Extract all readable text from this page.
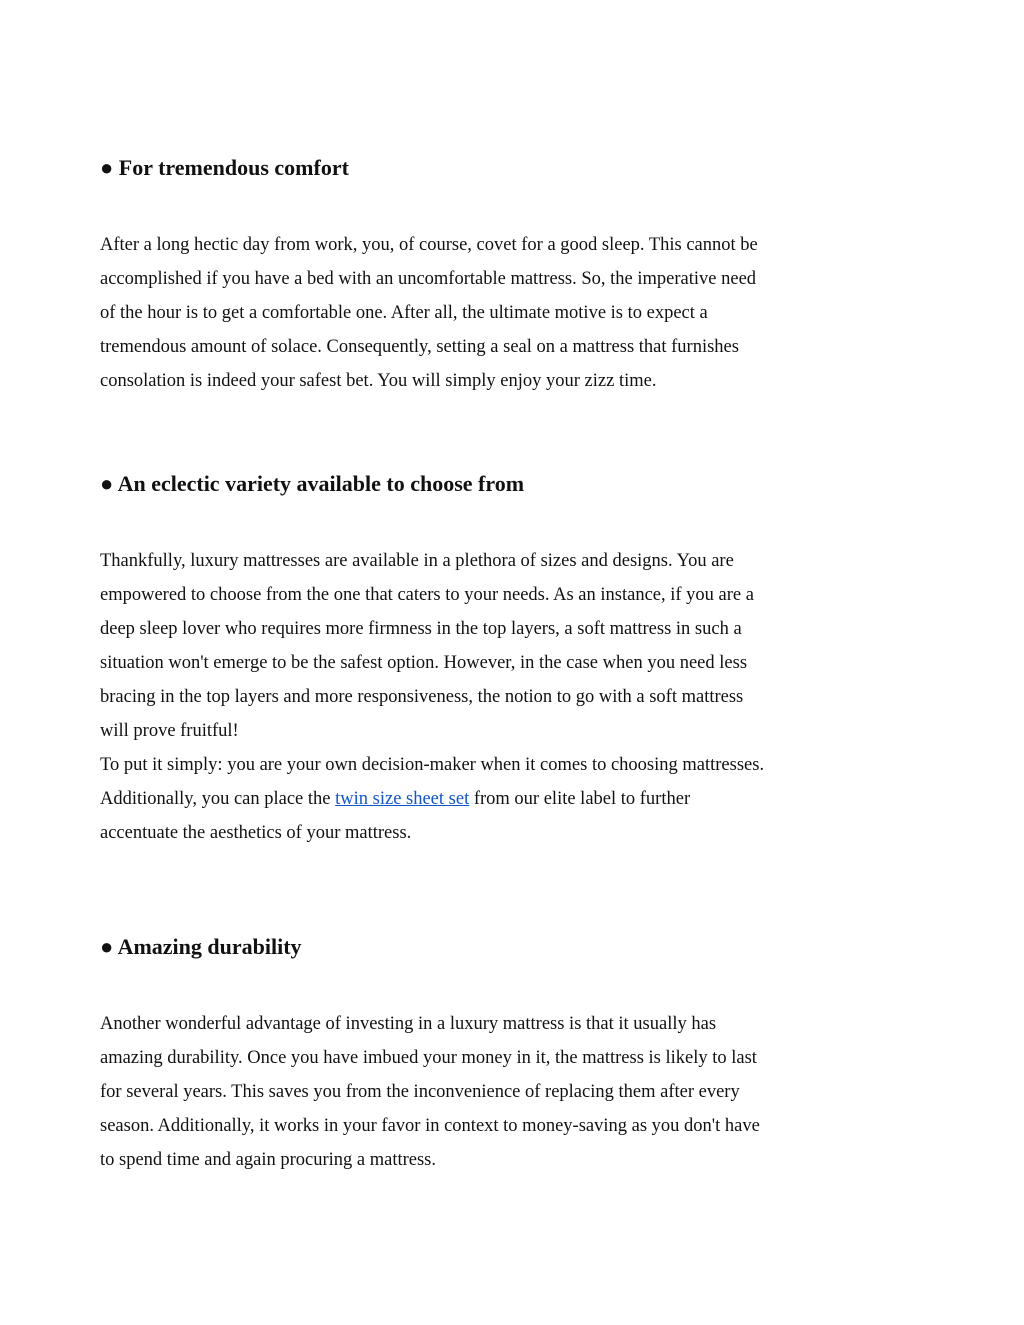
● For tremendous comfort
After a long hectic day from work, you, of course, covet for a good sleep. This cannot be
accomplished if you have a bed with an uncomfortable mattress. So, the imperative need
of the hour is to get a comfortable one. After all, the ultimate motive is to expect a
tremendous amount of solace. Consequently, setting a seal on a mattress that furnishes
consolation is indeed your safest bet. You will simply enjoy your zizz time.
● An eclectic variety available to choose from
Thankfully, luxury mattresses are available in a plethora of sizes and designs. You are
empowered to choose from the one that caters to your needs. As an instance, if you are a
deep sleep lover who requires more firmness in the top layers, a soft mattress in such a
situation won't emerge to be the safest option. However, in the case when you need less
bracing in the top layers and more responsiveness, the notion to go with a soft mattress
will prove fruitful!
To put it simply: you are your own decision-maker when it comes to choosing mattresses.
Additionally, you can place the twin size sheet set from our elite label to further
accentuate the aesthetics of your mattress.
● Amazing durability
Another wonderful advantage of investing in a luxury mattress is that it usually has
amazing durability. Once you have imbued your money in it, the mattress is likely to last
for several years. This saves you from the inconvenience of replacing them after every
season. Additionally, it works in your favor in context to money-saving as you don't have
to spend time and again procuring a mattress.
